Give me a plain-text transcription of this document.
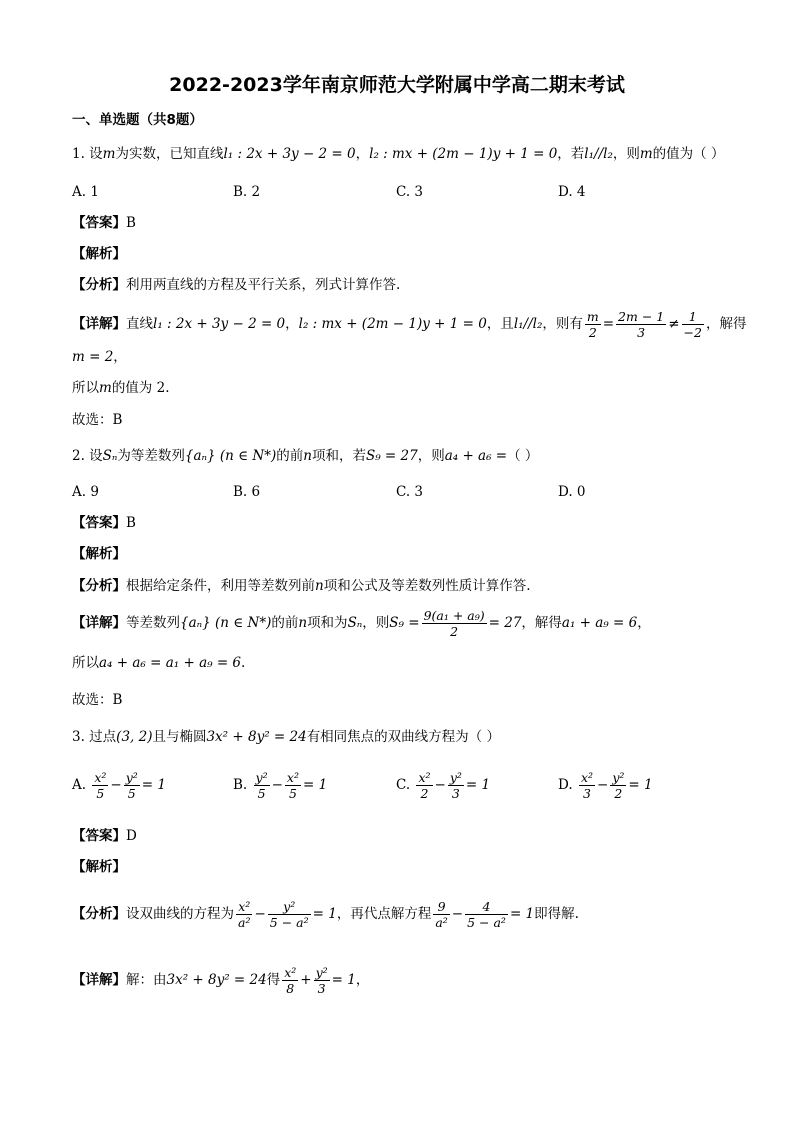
2022-2023学年南京师范大学附属中学高二期末考试
一、单选题（共8题）
1. 设m为实数，已知直线l₁ : 2x + 3y − 2 = 0，l₂ : mx + (2m − 1)y + 1 = 0，若l₁//l₂，则m的值为（ ）
A. 1	B. 2	C. 3	D. 4
【答案】B
【解析】
【分析】利用两直线的方程及平行关系，列式计算作答.
【详解】直线l₁ : 2x + 3y − 2 = 0，l₂ : mx + (2m − 1)y + 1 = 0，且l₁//l₂，则有 $\frac{m}{2} = \frac{2m - 1}{3} \ne \frac{1}{-2}$ ，解得
m = 2，
所以m的值为 2.
故选：B
2. 设Sₙ为等差数列{aₙ} (n ∈ N*)的前n项和，若S₉ = 27，则a₄ + a₆ =（ ）
A. 9	B. 6	C. 3	D. 0
【答案】B
【解析】
【分析】根据给定条件，利用等差数列前n项和公式及等差数列性质计算作答.
【详解】等差数列{aₙ} (n ∈ N*)的前n项和为Sₙ，则$S_9 = \frac{\text{9(a₁ + a₉)}}{2} = 27$，解得a₁ + a₉ = 6，
所以a₄ + a₆ = a₁ + a₉ = 6.
故选：B
3. 过点(3, 2)且与椭圆3x² + 8y² = 24有相同焦点的双曲线方程为（ ）
A. $\frac{\text{x²}}{5} - \frac{\text{y²}}{5} = 1$	B. $\frac{\text{y²}}{5} - \frac{\text{x²}}{5} = 1$	C. $\frac{\text{x²}}{2} - \frac{\text{y²}}{3} = 1$	D. $\frac{\text{x²}}{3} - \frac{\text{y²}}{2} = 1$
【答案】D
【解析】
【分析】设双曲线的方程为 $\frac{\text{x²}}{\text{a²}} - \frac{\text{y²}}{\text{5 − a²}} = 1$，再代点解方程 $\frac{9}{\text{a²}} - \frac{4}{\text{5 − a²}} = 1$即得解.
【详解】解：由3x² + 8y² = 24得 $\frac{\text{x²}}{8} + \frac{\text{y²}}{3} = 1$，
